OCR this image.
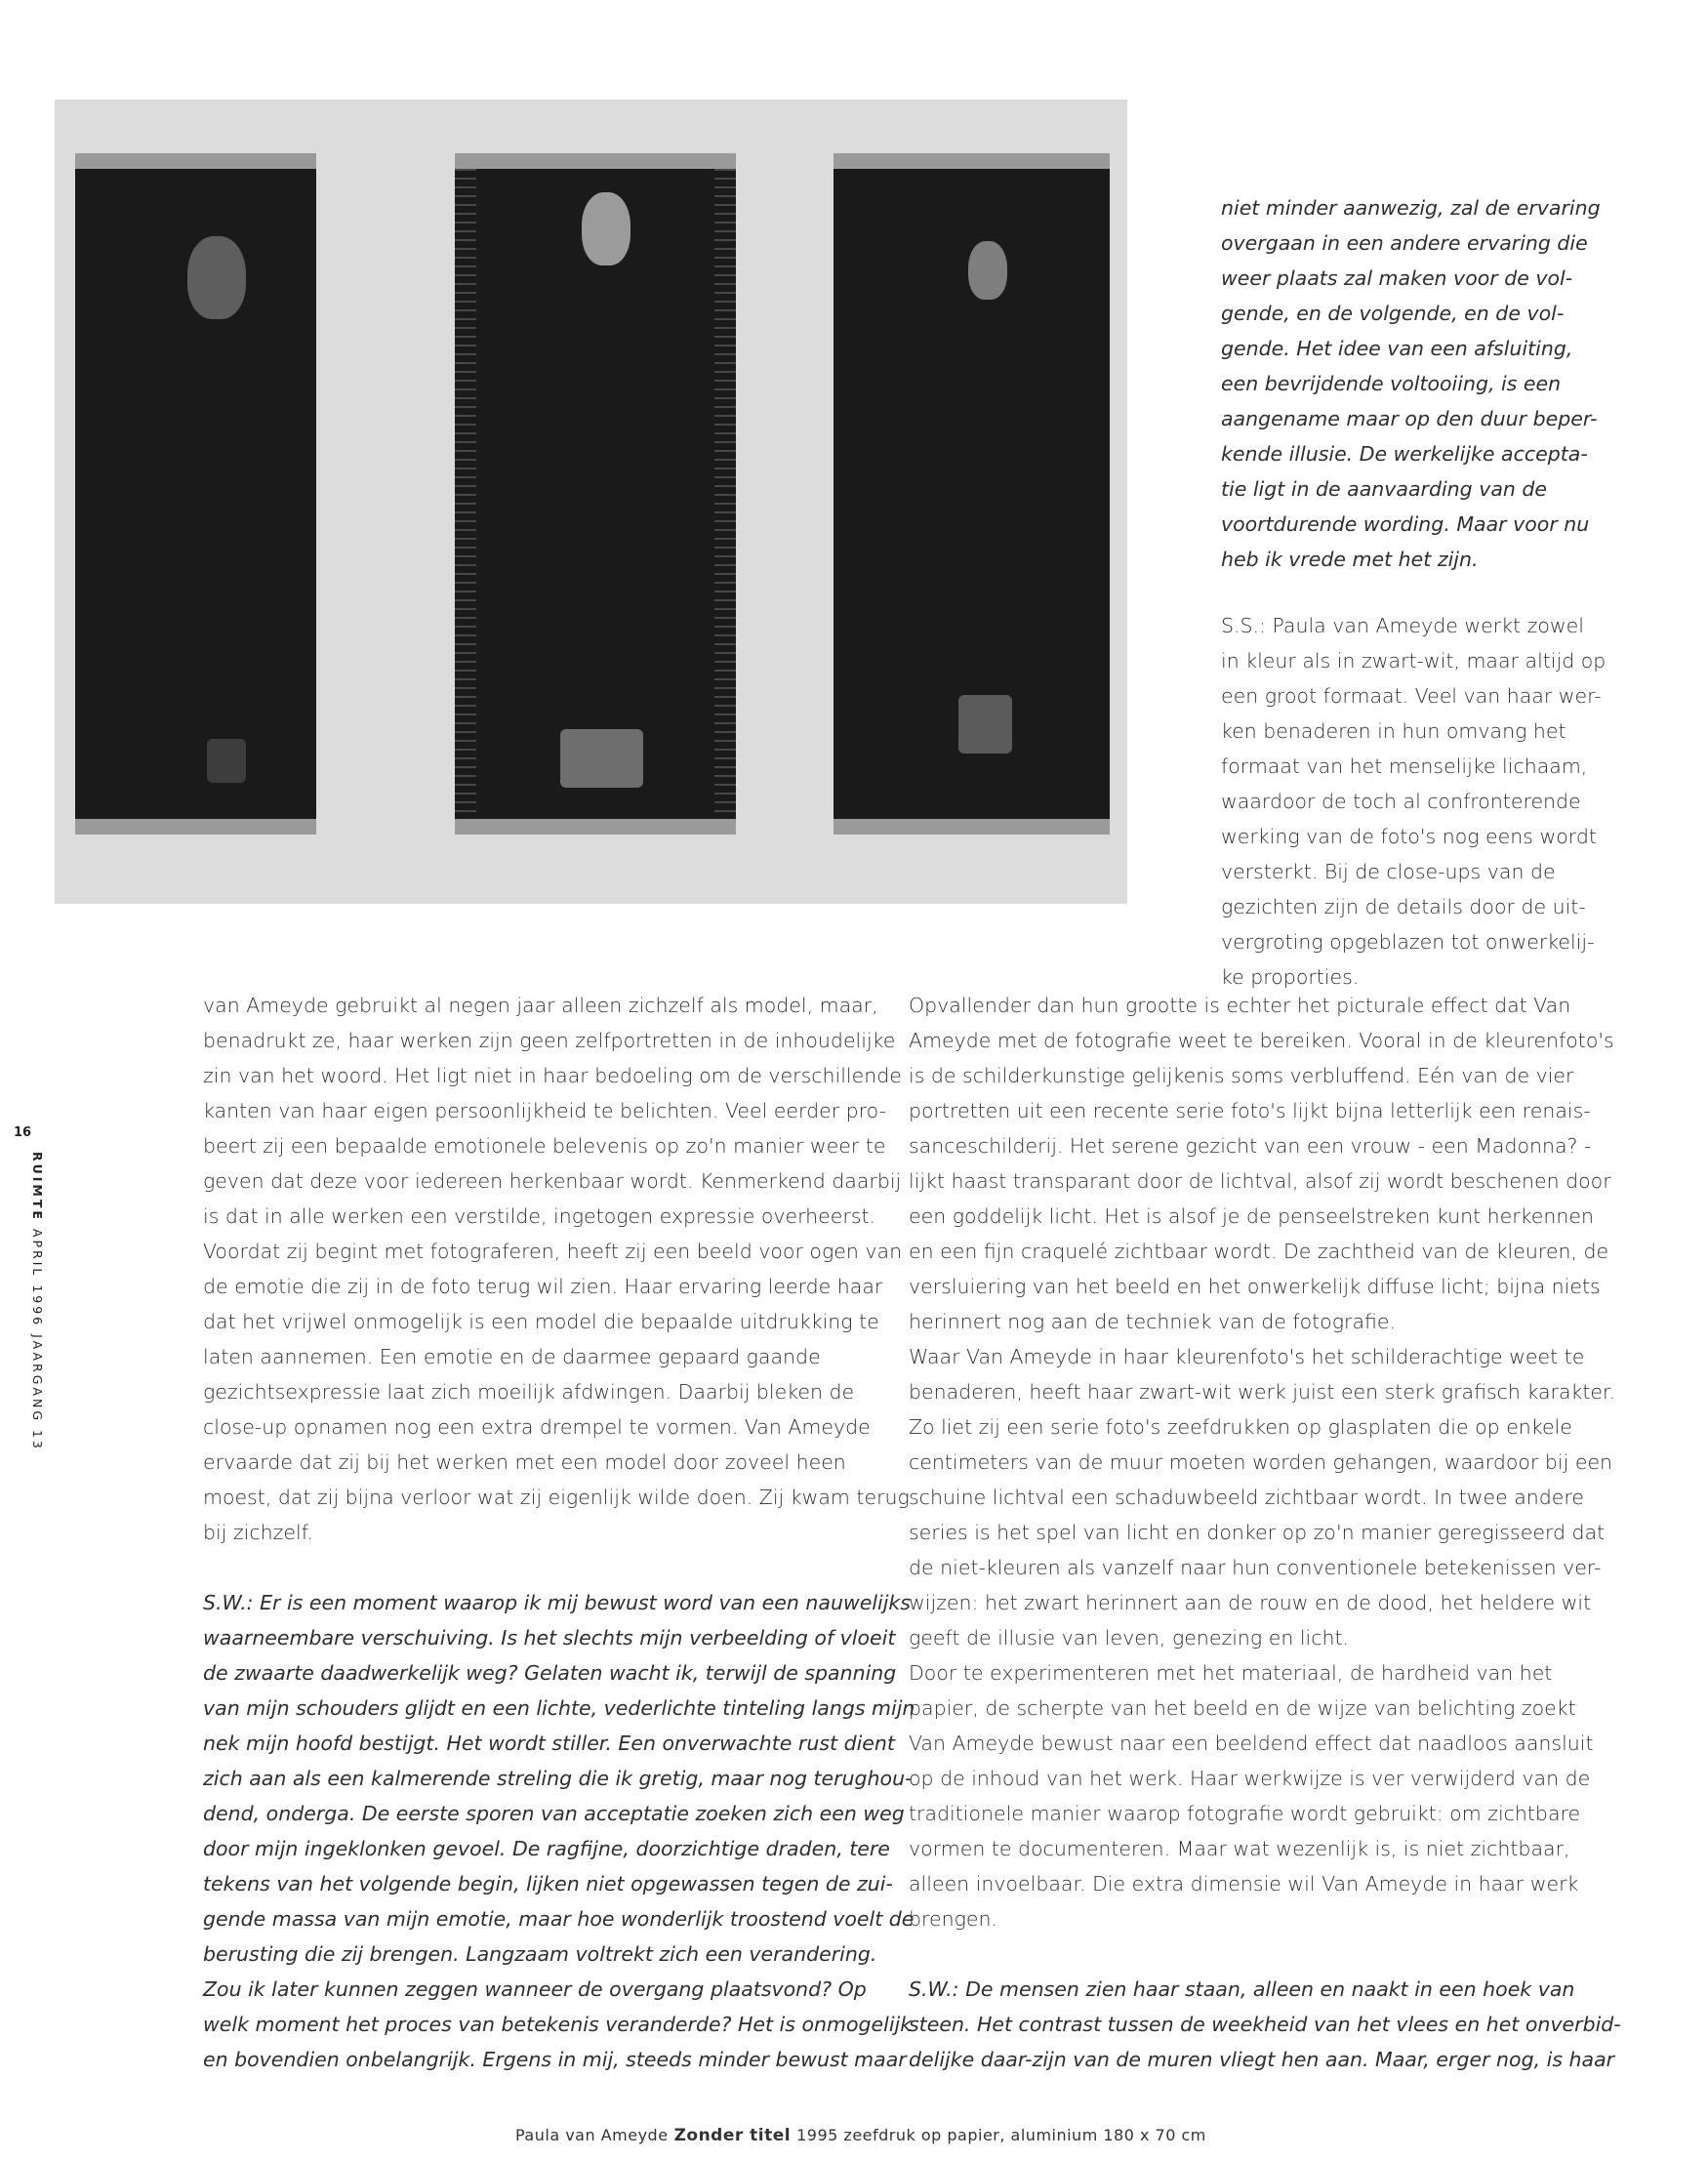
16
RUIMTE APRIL 1996 JAARGANG 13
niet minder aanwezig, zal de ervaring
overgaan in een andere ervaring die
weer plaats zal maken voor de vol-
gende, en de volgende, en de vol-
gende. Het idee van een afsluiting,
een bevrijdende voltooiing, is een
aangename maar op den duur beper-
kende illusie. De werkelijke accepta-
tie ligt in de aanvaarding van de
voortdurende wording. Maar voor nu
heb ik vrede met het zijn.
S.S.: Paula van Ameyde werkt zowel
in kleur als in zwart-wit, maar altijd op
een groot formaat. Veel van haar wer-
ken benaderen in hun omvang het
formaat van het menselijke lichaam,
waardoor de toch al confronterende
werking van de foto's nog eens wordt
versterkt. Bij de close-ups van de
gezichten zijn de details door de uit-
vergroting opgeblazen tot onwerkelij-
ke proporties.
van Ameyde gebruikt al negen jaar alleen zichzelf als model, maar,
benadrukt ze, haar werken zijn geen zelfportretten in de inhoudelijke
zin van het woord. Het ligt niet in haar bedoeling om de verschillende
kanten van haar eigen persoonlijkheid te belichten. Veel eerder pro-
beert zij een bepaalde emotionele belevenis op zo'n manier weer te
geven dat deze voor iedereen herkenbaar wordt. Kenmerkend daarbij
is dat in alle werken een verstilde, ingetogen expressie overheerst.
Voordat zij begint met fotograferen, heeft zij een beeld voor ogen van
de emotie die zij in de foto terug wil zien. Haar ervaring leerde haar
dat het vrijwel onmogelijk is een model die bepaalde uitdrukking te
laten aannemen. Een emotie en de daarmee gepaard gaande
gezichtsexpressie laat zich moeilijk afdwingen. Daarbij bleken de
close-up opnamen nog een extra drempel te vormen. Van Ameyde
ervaarde dat zij bij het werken met een model door zoveel heen
moest, dat zij bijna verloor wat zij eigenlijk wilde doen. Zij kwam terug
bij zichzelf.
S.W.: Er is een moment waarop ik mij bewust word van een nauwelijks
waarneembare verschuiving. Is het slechts mijn verbeelding of vloeit
de zwaarte daadwerkelijk weg? Gelaten wacht ik, terwijl de spanning
van mijn schouders glijdt en een lichte, vederlichte tinteling langs mijn
nek mijn hoofd bestijgt. Het wordt stiller. Een onverwachte rust dient
zich aan als een kalmerende streling die ik gretig, maar nog terughou-
dend, onderga. De eerste sporen van acceptatie zoeken zich een weg
door mijn ingeklonken gevoel. De ragfijne, doorzichtige draden, tere
tekens van het volgende begin, lijken niet opgewassen tegen de zui-
gende massa van mijn emotie, maar hoe wonderlijk troostend voelt de
berusting die zij brengen. Langzaam voltrekt zich een verandering.
Zou ik later kunnen zeggen wanneer de overgang plaatsvond? Op
welk moment het proces van betekenis veranderde? Het is onmogelijk
en bovendien onbelangrijk. Ergens in mij, steeds minder bewust maar
Opvallender dan hun grootte is echter het picturale effect dat Van
Ameyde met de fotografie weet te bereiken. Vooral in de kleurenfoto's
is de schilderkunstige gelijkenis soms verbluffend. Eén van de vier
portretten uit een recente serie foto's lijkt bijna letterlijk een renais-
sanceschilderij. Het serene gezicht van een vrouw - een Madonna? -
lijkt haast transparant door de lichtval, alsof zij wordt beschenen door
een goddelijk licht. Het is alsof je de penseelstreken kunt herkennen
en een fijn craquelé zichtbaar wordt. De zachtheid van de kleuren, de
versluiering van het beeld en het onwerkelijk diffuse licht; bijna niets
herinnert nog aan de techniek van de fotografie.
Waar Van Ameyde in haar kleurenfoto's het schilderachtige weet te
benaderen, heeft haar zwart-wit werk juist een sterk grafisch karakter.
Zo liet zij een serie foto's zeefdrukken op glasplaten die op enkele
centimeters van de muur moeten worden gehangen, waardoor bij een
schuine lichtval een schaduwbeeld zichtbaar wordt. In twee andere
series is het spel van licht en donker op zo'n manier geregisseerd dat
de niet-kleuren als vanzelf naar hun conventionele betekenissen ver-
wijzen: het zwart herinnert aan de rouw en de dood, het heldere wit
geeft de illusie van leven, genezing en licht.
Door te experimenteren met het materiaal, de hardheid van het
papier, de scherpte van het beeld en de wijze van belichting zoekt
Van Ameyde bewust naar een beeldend effect dat naadloos aansluit
op de inhoud van het werk. Haar werkwijze is ver verwijderd van de
traditionele manier waarop fotografie wordt gebruikt: om zichtbare
vormen te documenteren. Maar wat wezenlijk is, is niet zichtbaar,
alleen invoelbaar. Die extra dimensie wil Van Ameyde in haar werk
brengen.
S.W.: De mensen zien haar staan, alleen en naakt in een hoek van
steen. Het contrast tussen de weekheid van het vlees en het onverbid-
delijke daar-zijn van de muren vliegt hen aan. Maar, erger nog, is haar
Paula van Ameyde Zonder titel 1995 zeefdruk op papier, aluminium 180 x 70 cm
